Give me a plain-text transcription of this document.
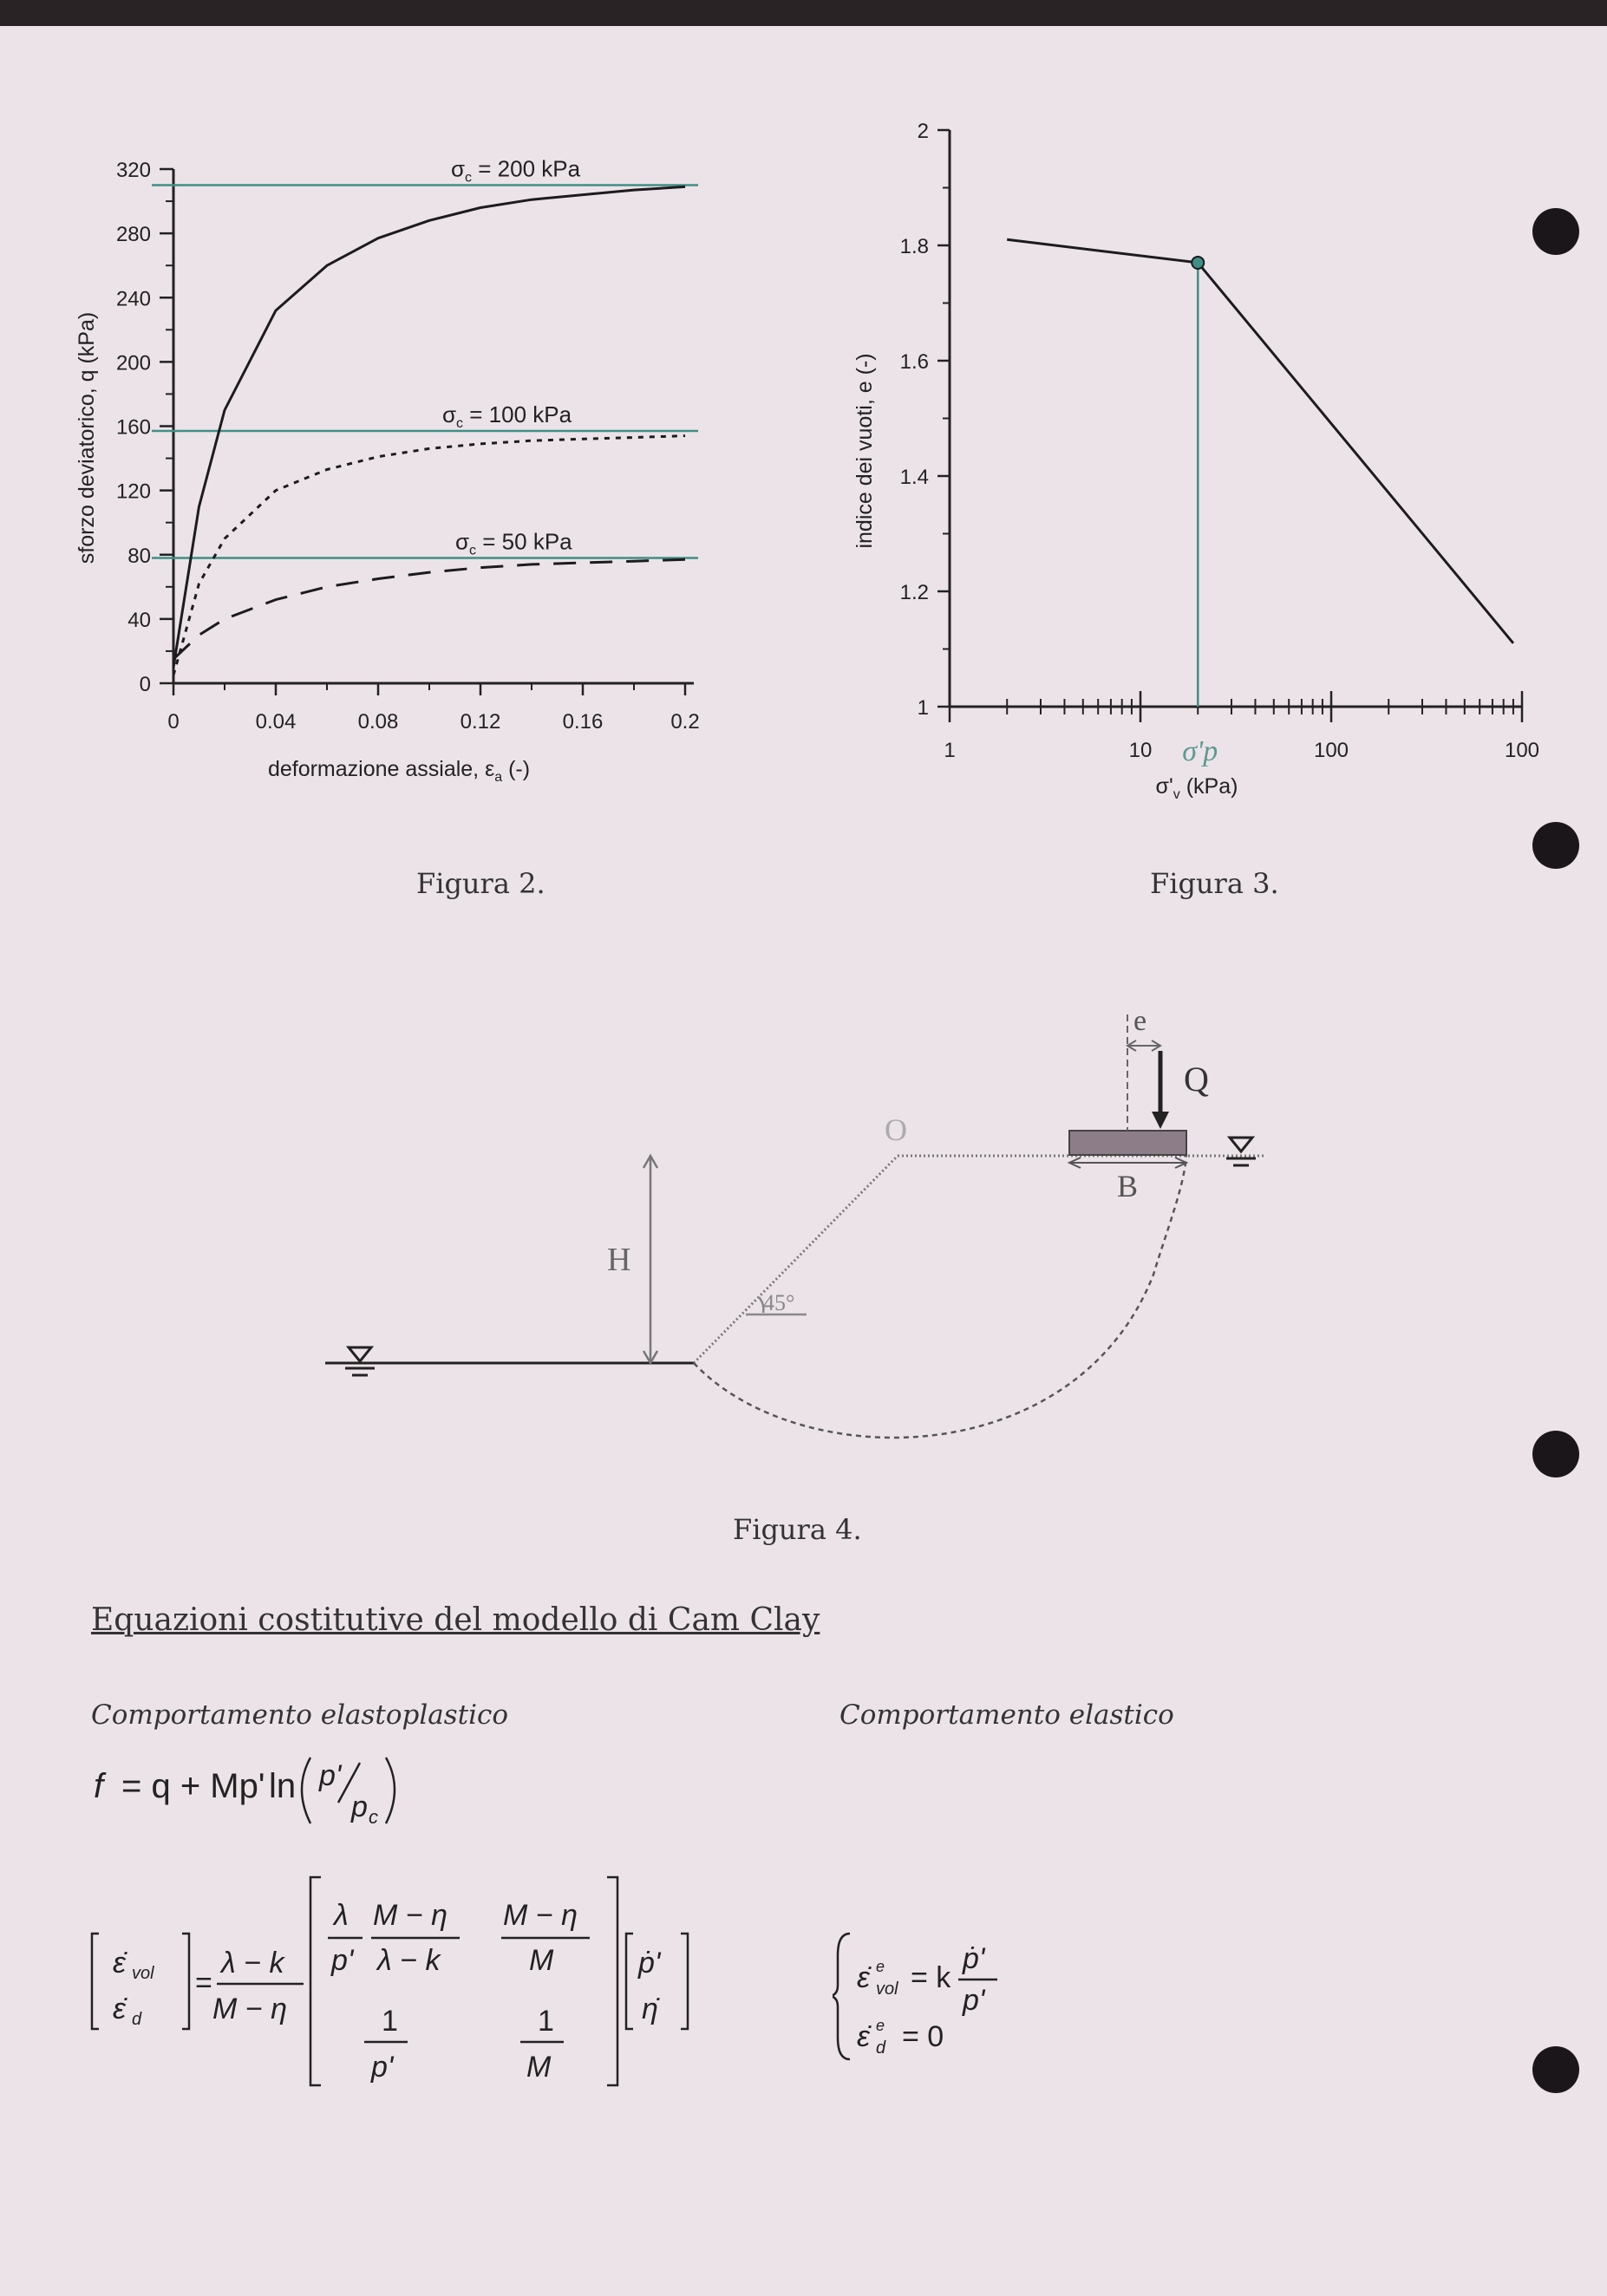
sforzo deviatorico, q (kPa)
deformazione assiale, $\varepsilon_a$ (-)
0	0.04	0.08	0.12	0.16	0.2
0
40
80
120
160
200
240
280
320	$\sigma_c = 200$ kPa
$\sigma_c = 100$ kPa
$\sigma_c = 50$ kPa
Figura 2.
indice dei vuoti, e (-)
$\sigma'_v$ (kPa)
1	10	100	100
1
1.2
1.4
1.6
1.8
2
σ'p
Figura 3.
H
45°
O
B
e
Q
Figura 4.
Equazioni costitutive del modello di Cam Clay
Comportamento elastoplastico	Comportamento elastico
f = q + Mp' ln p'
p c
ε̇ vol
ε̇ d
=
λ − k
M − η
λ
p'
M − η
λ − k
M − η
M
1
p'
1
M
ṗ'
η̇
ε̇ e
vol = k
ṗ'
p'
ε̇ e
d = 0
